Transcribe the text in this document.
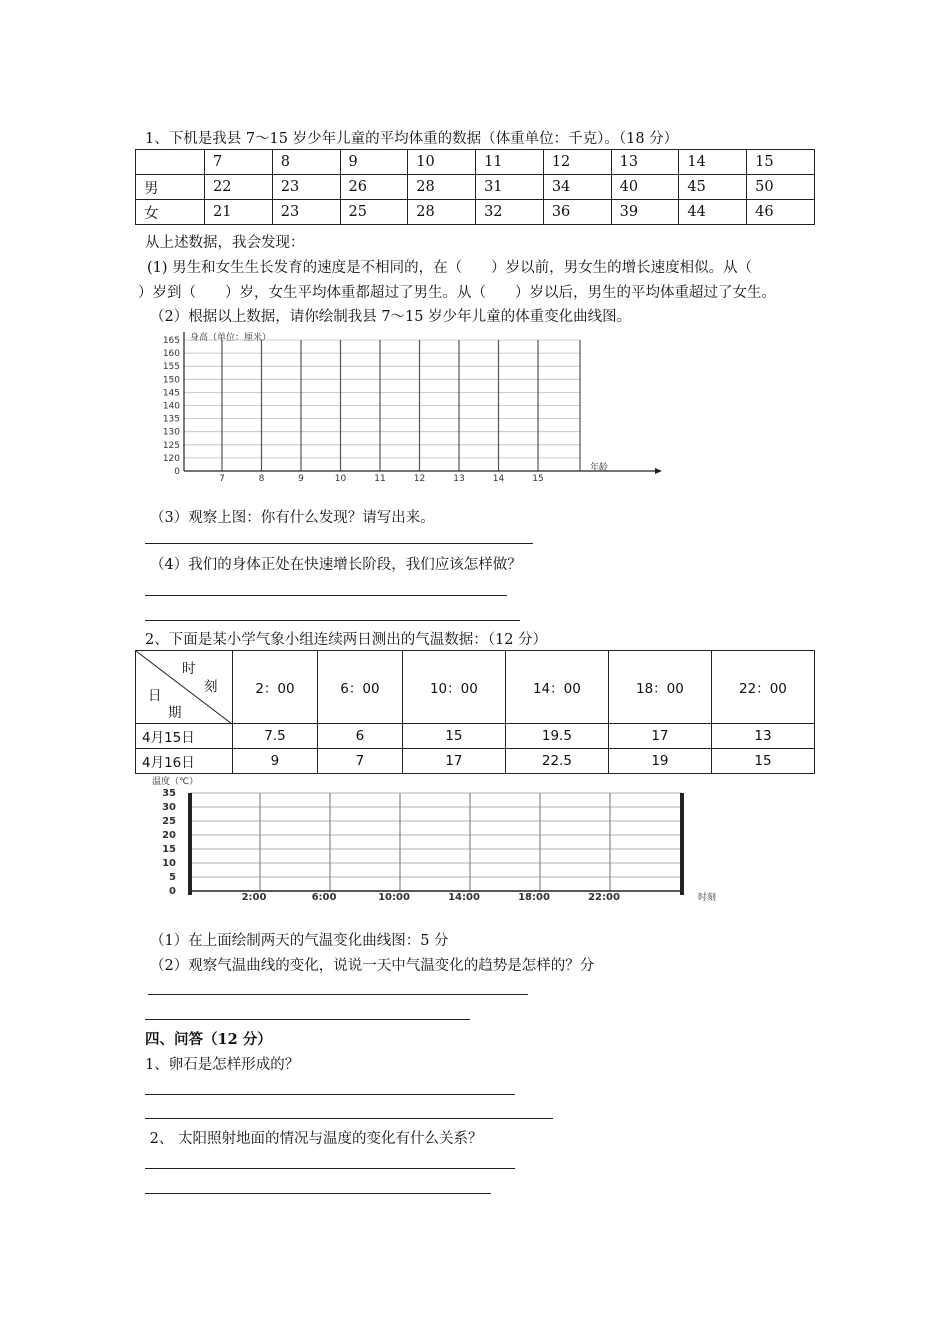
1、下机是我县 7～15 岁少年儿童的平均体重的数据（体重单位：千克）。（18 分）
	7	8	9	10	11	12	13	14	15
男	22	23	26	28	31	34	40	45	50
女	21	23	25	28	32	36	39	44	46
从上述数据，我会发现：
(1) 男生和女生生长发育的速度是不相同的，在（　　）岁以前，男女生的增长速度相似。从（
）岁到（　　）岁，女生平均体重都超过了男生。从（　　）岁以后，男生的平均体重超过了女生。
（2）根据以上数据，请你绘制我县 7～15 岁少年儿童的体重变化曲线图。
0
120
125
130
135
140
145
150
155
160
165
7	8	9	10	11	12	13	14	15
身高（单位：厘米）
年龄
（3）观察上图：你有什么发现？请写出来。
（4）我们的身体正处在快速增长阶段，我们应该怎样做？
2、下面是某小学气象小组连续两日测出的气温数据：（12 分）
时
刻
日
期	2：00	6：00	10：00	14：00	18：00	22：00
4月15日	7.5	6	15	19.5	17	13
4月16日	9	7	17	22.5	19	15
0
5
10
15
20
25
30
35
2:00	6:00	10:00	14:00	18:00	22:00
温度（℃）
时刻
（1）在上面绘制两天的气温变化曲线图：5 分
（2）观察气温曲线的变化，说说一天中气温变化的趋势是怎样的？分
四、问答（12 分）
1、卵石是怎样形成的？
2、 太阳照射地面的情况与温度的变化有什么关系？
